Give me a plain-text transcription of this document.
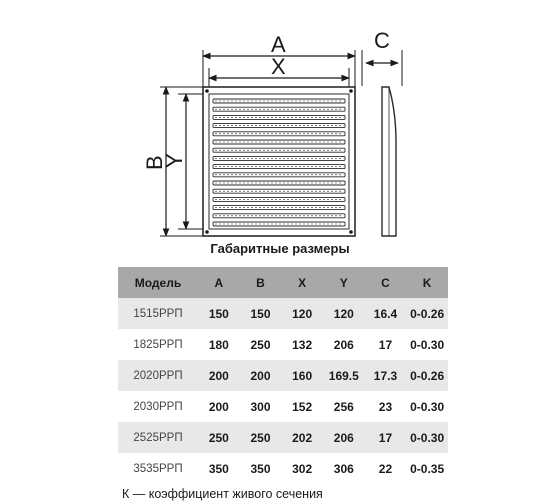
A
X
B
Y
C
Габаритные размеры
Модель	A	B	X	Y	C	K
1515РРП	150	150	120	120	16.4	0-0.26
1825РРП	180	250	132	206	17	0-0.30
2020РРП	200	200	160	169.5	17.3	0-0.26
2030РРП	200	300	152	256	23	0-0.30
2525РРП	250	250	202	206	17	0-0.30
3535РРП	350	350	302	306	22	0-0.35
К — коэффициент живого сечения
